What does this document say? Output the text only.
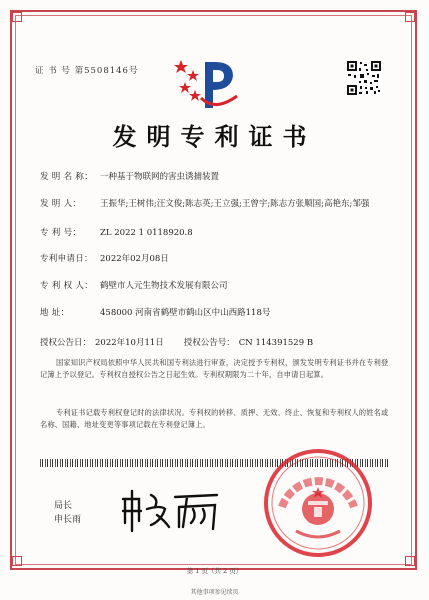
证 书 号 第5508146号
发明专利证书
发 明 名 称： 一种基于物联网的害虫诱捕装置
发 明 人： 王振华;王树伟;汪文俊;陈志英;王立强;王曾宇;陈志方张顺国;高艳东;邹强
专 利 号： ZL 2022 1 0118920.8
专利申请日： 2022年02月08日
专 利 权 人： 鹤壁市人元生物技术发展有限公司
地 址：	458000 河南省鹤壁市鹤山区中山西路118号
授权公告日： 2022年10月11日 授权公告号： CN 114391529 B
国家知识产权局依照中华人民共和国专利法进行审查，决定授予专利权，颁发发明专利证书并在专利登记簿上予以登记。专利权自授权公告之日起生效。专利权期限为二十年，自申请日起算。
专利证书记载专利权登记时的法律状况。专利权的转移、质押、无效、终止、恢复和专利权人的姓名或名称、国籍、地址变更等事项记载在专利登记簿上。
局长
申长雨
第 1 页（共 2 页）
其他事项参见续页
